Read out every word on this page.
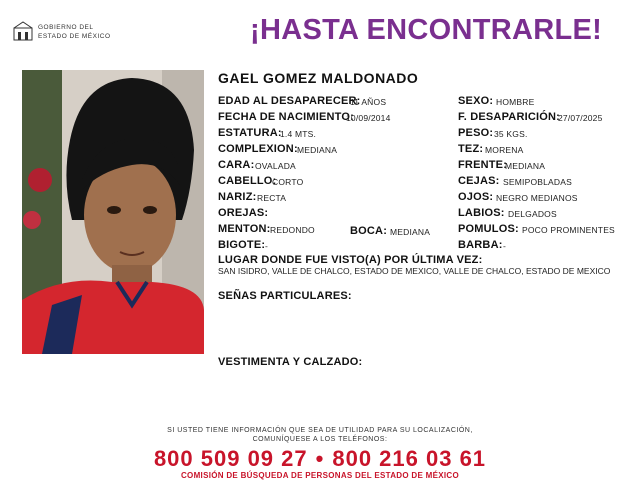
GOBIERNO DEL
ESTADO DE MÉXICO	¡HASTA ENCONTRARLE!
GAEL GOMEZ MALDONADO
EDAD AL DESAPARECER:
11 AÑOS
FECHA DE NACIMIENTO:
10/09/2014
ESTATURA:
1.4 MTS.
COMPLEXION: MEDIANA
CARA: OVALADA
CABELLO:
CORTO
NARIZ: RECTA
OREJAS:
MENTON: REDONDO	BOCA: MEDIANA
BIGOTE: -
SEXO: HOMBRE
F. DESAPARICIÓN:
27/07/2025
PESO: 35 KGS.
TEZ: MORENA
FRENTE:
MEDIANA
CEJAS: SEMIPOBLADAS
OJOS: NEGRO MEDIANOS
LABIOS: DELGADOS
POMULOS: POCO PROMINENTES
BARBA: -
LUGAR DONDE FUE VISTO(A) POR ÚLTIMA VEZ:
SAN ISIDRO, VALLE DE CHALCO, ESTADO DE MEXICO, VALLE DE CHALCO, ESTADO DE MEXICO
SEÑAS PARTICULARES:
VESTIMENTA Y CALZADO:
SI USTED TIENE INFORMACIÓN QUE SEA DE UTILIDAD PARA SU LOCALIZACIÓN,
COMUNÍQUESE A LOS TELÉFONOS:
800 509 09 27 • 800 216 03 61
COMISIÓN DE BÚSQUEDA DE PERSONAS DEL ESTADO DE MÉXICO
